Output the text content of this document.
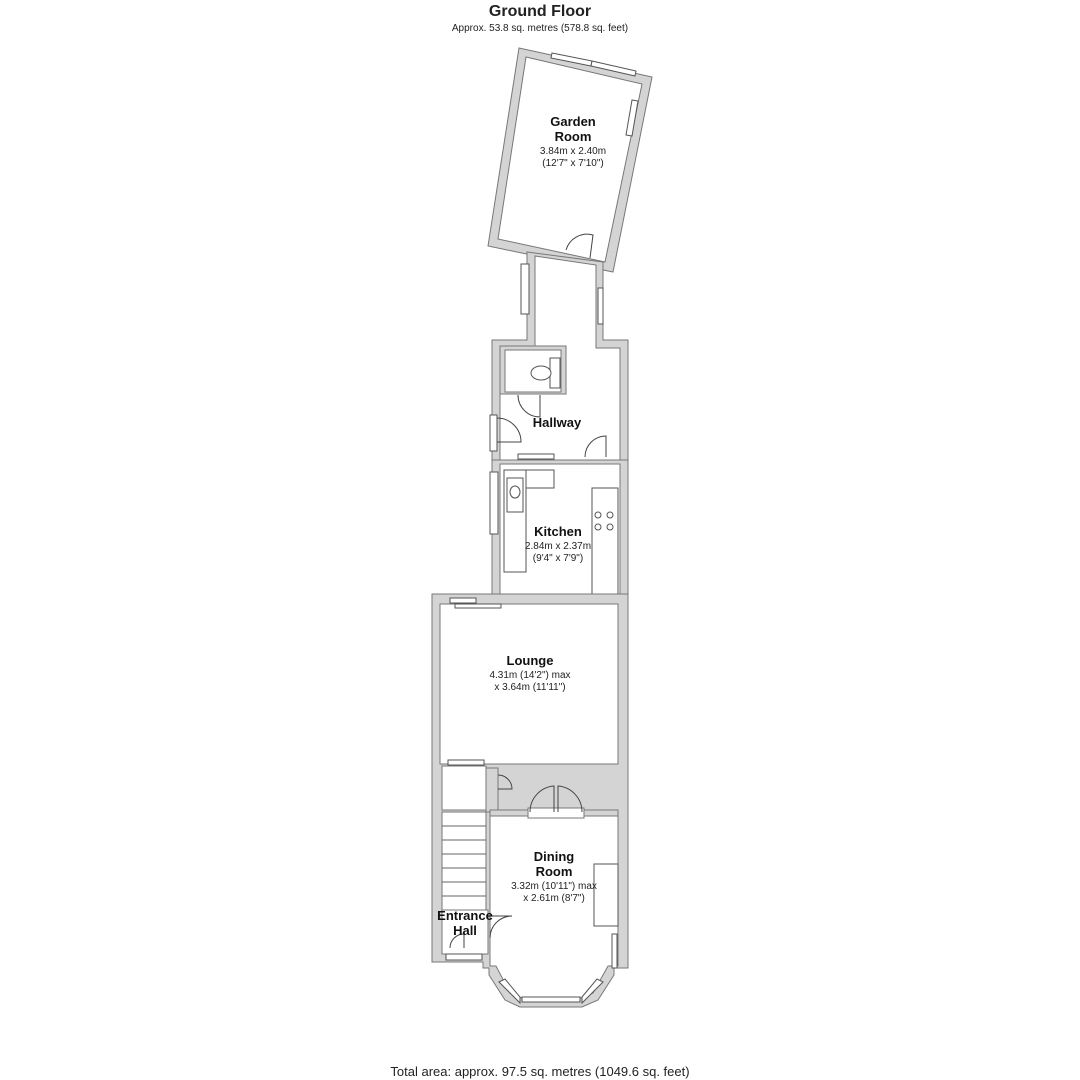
Ground Floor
Approx. 53.8 sq. metres (578.8 sq. feet)
Garden
Room
3.84m x 2.40m
(12'7" x 7'10")
Hallway
Kitchen
2.84m x 2.37m
(9'4" x 7'9")
Lounge
4.31m (14'2") max
x 3.64m (11'11")
Dining
Room
3.32m (10'11") max
x 2.61m (8'7")
Entrance
Hall
Total area: approx. 97.5 sq. metres (1049.6 sq. feet)
